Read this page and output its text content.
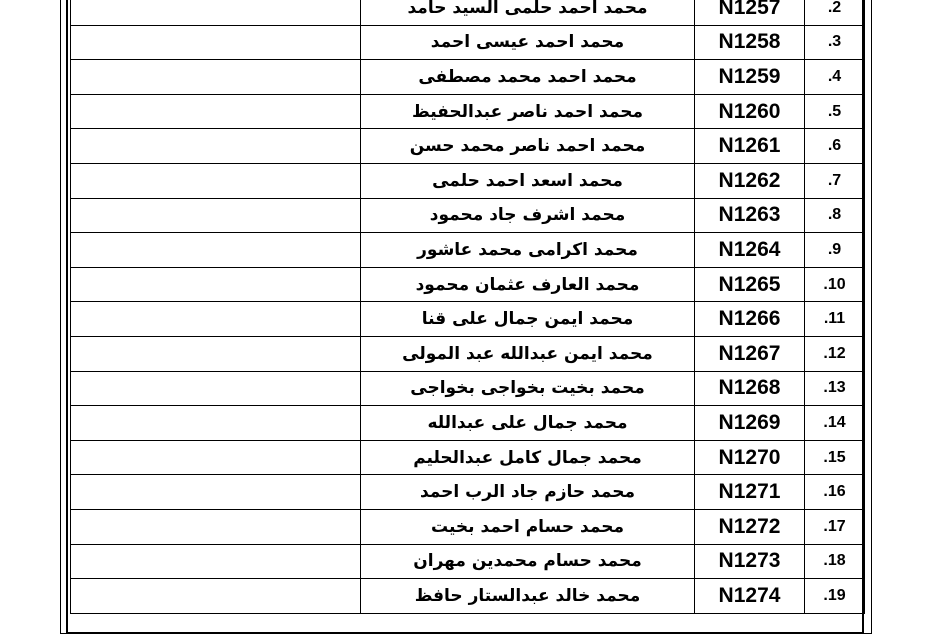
	محمد احمد حلمى السيد حامد	N1257	.2
	محمد احمد عيسى احمد	N1258	.3
	محمد احمد محمد مصطفى	N1259	.4
	محمد احمد ناصر عبدالحفيظ	N1260	.5
	محمد احمد ناصر محمد حسن	N1261	.6
	محمد اسعد احمد حلمى	N1262	.7
	محمد اشرف جاد محمود	N1263	.8
	محمد اكرامى محمد عاشور	N1264	.9
	محمد العارف عثمان محمود	N1265	.10
	محمد ايمن جمال على قنا	N1266	.11
	محمد ايمن عبدالله عبد المولى	N1267	.12
	محمد بخيت بخواجى بخواجى	N1268	.13
	محمد جمال على عبدالله	N1269	.14
	محمد جمال كامل عبدالحليم	N1270	.15
	محمد حازم جاد الرب احمد	N1271	.16
	محمد حسام احمد بخيت	N1272	.17
	محمد حسام محمدين مهران	N1273	.18
	محمد خالد عبدالستار حافظ	N1274	.19
